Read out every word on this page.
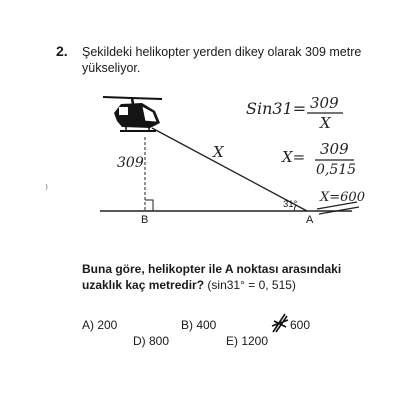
2. Şekildeki helikopter yerden dikey olarak 309 metre
yükseliyor.
31°
B	A
309
X
Sin31= 309
X
X= 309
0,515
X=600
Buna göre, helikopter ile A noktası arasındaki
uzaklık kaç metredir? (sin31° = 0, 515)
A) 200	B) 400	600
D) 800	E) 1200
